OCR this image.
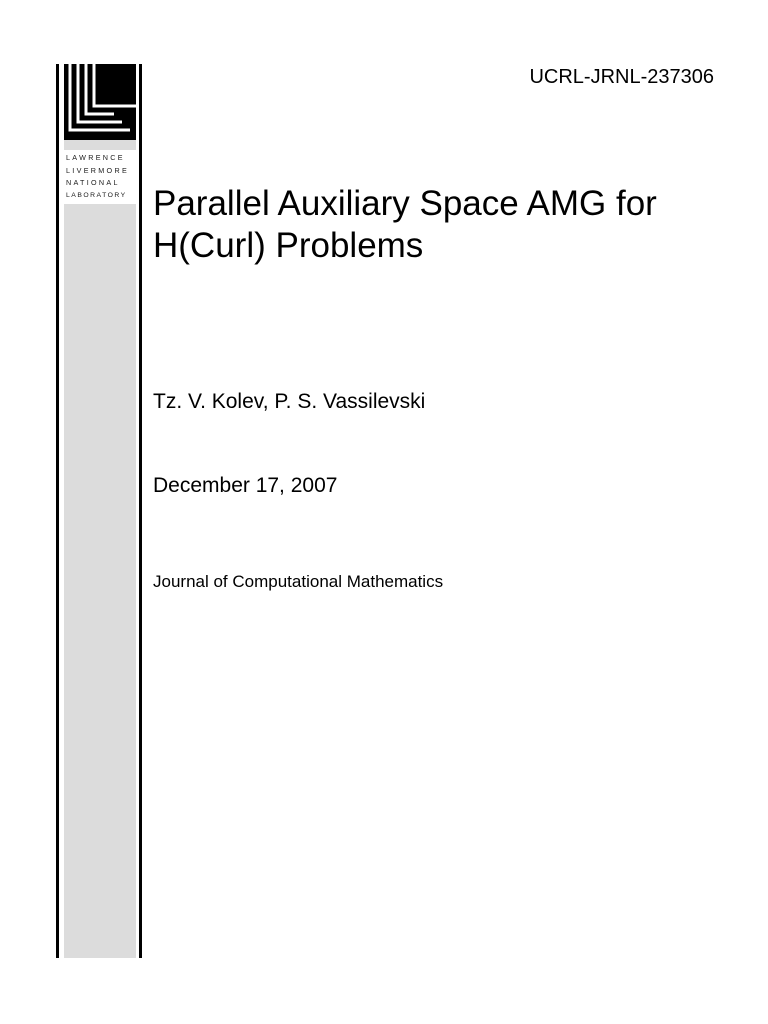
LAWRENCE
LIVERMORE
NATIONAL
LABORATORY
UCRL-JRNL-237306
Parallel Auxiliary Space AMG for
H(Curl) Problems
Tz. V. Kolev, P. S. Vassilevski
December 17, 2007
Journal of Computational Mathematics
